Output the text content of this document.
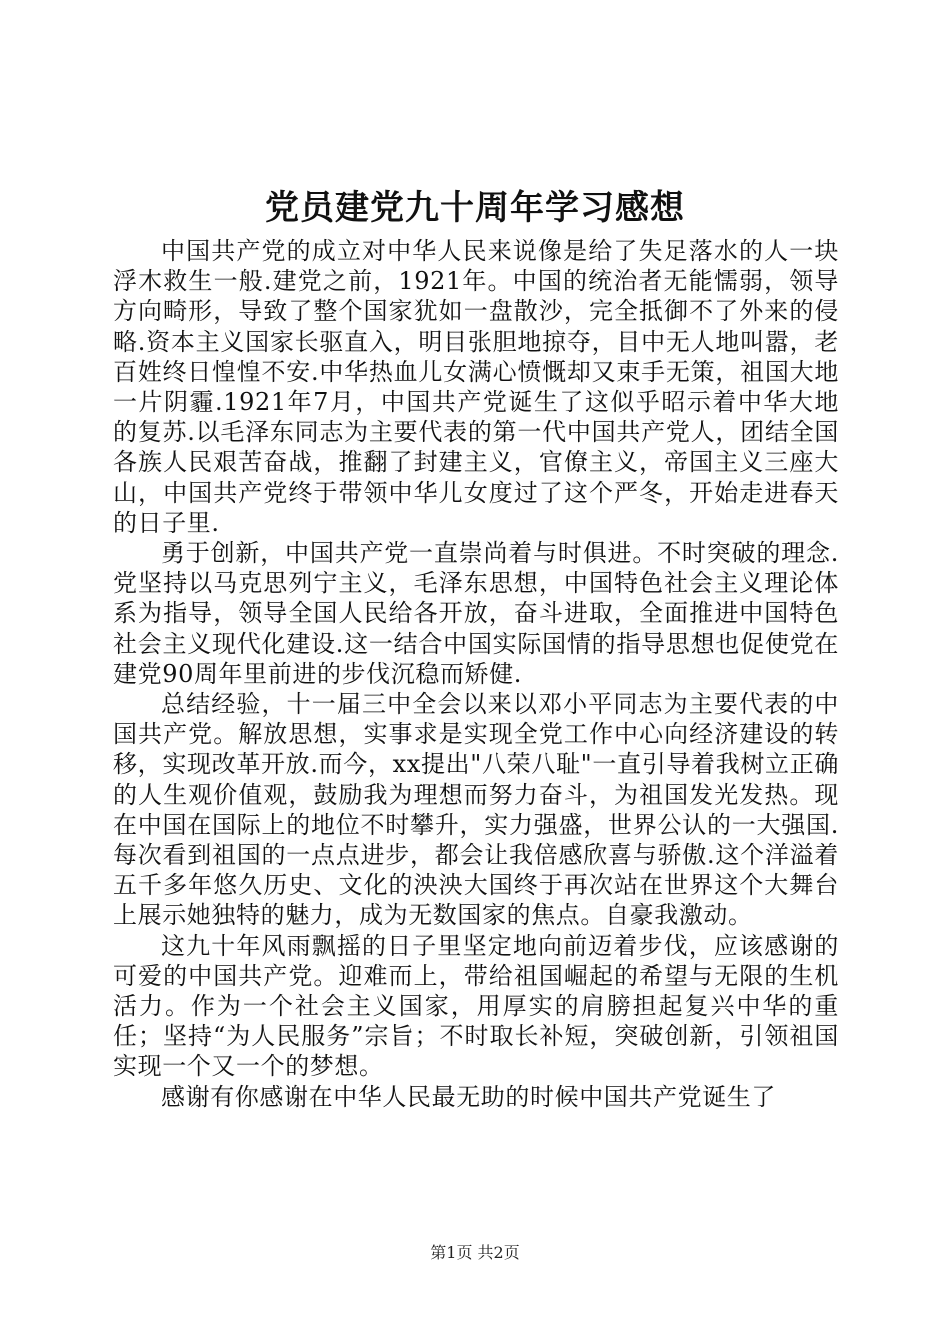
党员建党九十周年学习感想

中国共产党的成立对中华人民来说像是给了失足落水的人一块浮木救生一般.建党之前，1921年。中国的统治者无能懦弱，领导方向畸形，导致了整个国家犹如一盘散沙，完全抵御不了外来的侵略.资本主义国家长驱直入，明目张胆地掠夺，目中无人地叫嚣，老百姓终日惶惶不安.中华热血儿女满心愤慨却又束手无策，祖国大地一片阴霾.1921年7月，中国共产党诞生了这似乎昭示着中华大地的复苏.以毛泽东同志为主要代表的第一代中国共产党人，团结全国各族人民艰苦奋战，推翻了封建主义，官僚主义，帝国主义三座大山，中国共产党终于带领中华儿女度过了这个严冬，开始走进春天的日子里.

勇于创新，中国共产党一直崇尚着与时俱进。不时突破的理念.党坚持以马克思列宁主义，毛泽东思想，中国特色社会主义理论体系为指导，领导全国人民给各开放，奋斗进取，全面推进中国特色社会主义现代化建设.这一结合中国实际国情的指导思想也促使党在建党90周年里前进的步伐沉稳而矫健.

总结经验，十一届三中全会以来以邓小平同志为主要代表的中国共产党。解放思想，实事求是实现全党工作中心向经济建设的转移，实现改革开放.而今，xx提出"八荣八耻"一直引导着我树立正确的人生观价值观，鼓励我为理想而努力奋斗，为祖国发光发热。现在中国在国际上的地位不时攀升，实力强盛，世界公认的一大强国.每次看到祖国的一点点进步，都会让我倍感欣喜与骄傲.这个洋溢着五千多年悠久历史、文化的泱泱大国终于再次站在世界这个大舞台上展示她独特的魅力，成为无数国家的焦点。自豪我激动。

这九十年风雨飘摇的日子里坚定地向前迈着步伐，应该感谢的可爱的中国共产党。迎难而上，带给祖国崛起的希望与无限的生机活力。作为一个社会主义国家，用厚实的肩膀担起复兴中华的重任；坚持“为人民服务”宗旨；不时取长补短，突破创新，引领祖国实现一个又一个的梦想。

感谢有你感谢在中华人民最无助的时候中国共产党诞生了

第1页 共2页
